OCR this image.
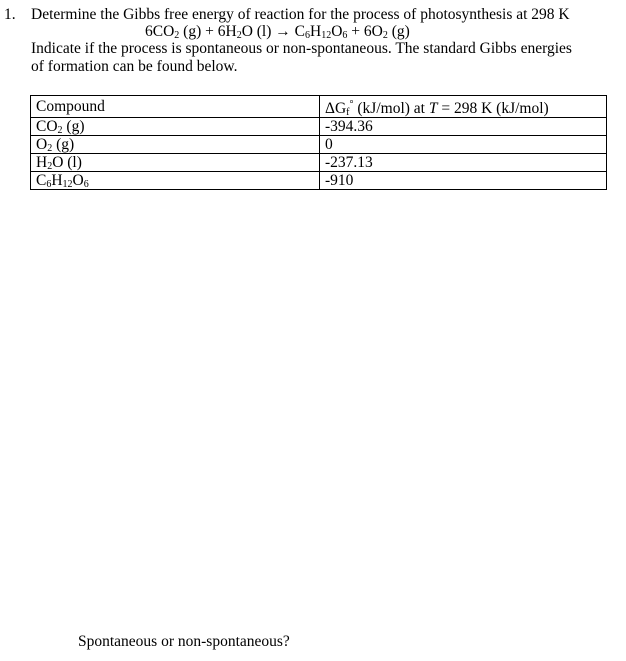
1. Determine the Gibbs free energy of reaction for the process of photosynthesis at 298 K
$6CO_2$ $(g) + 6H_2O$ $(l) \to C_6H_{12}O_6 + 6O_2$ (g)
Indicate if the process is spontaneous or non-spontaneous. The standard Gibbs energies
of formation can be found below.
Compound	$\Delta G_f^\circ$ (kJ/mol) at T = 298 K (kJ/mol)
$CO_2$ (g)	-394.36
$O_2$ (g)	0
$H_2O$ (l)	-237.13
$C_6H_{12}O_6$	-910
Spontaneous or non-spontaneous?
